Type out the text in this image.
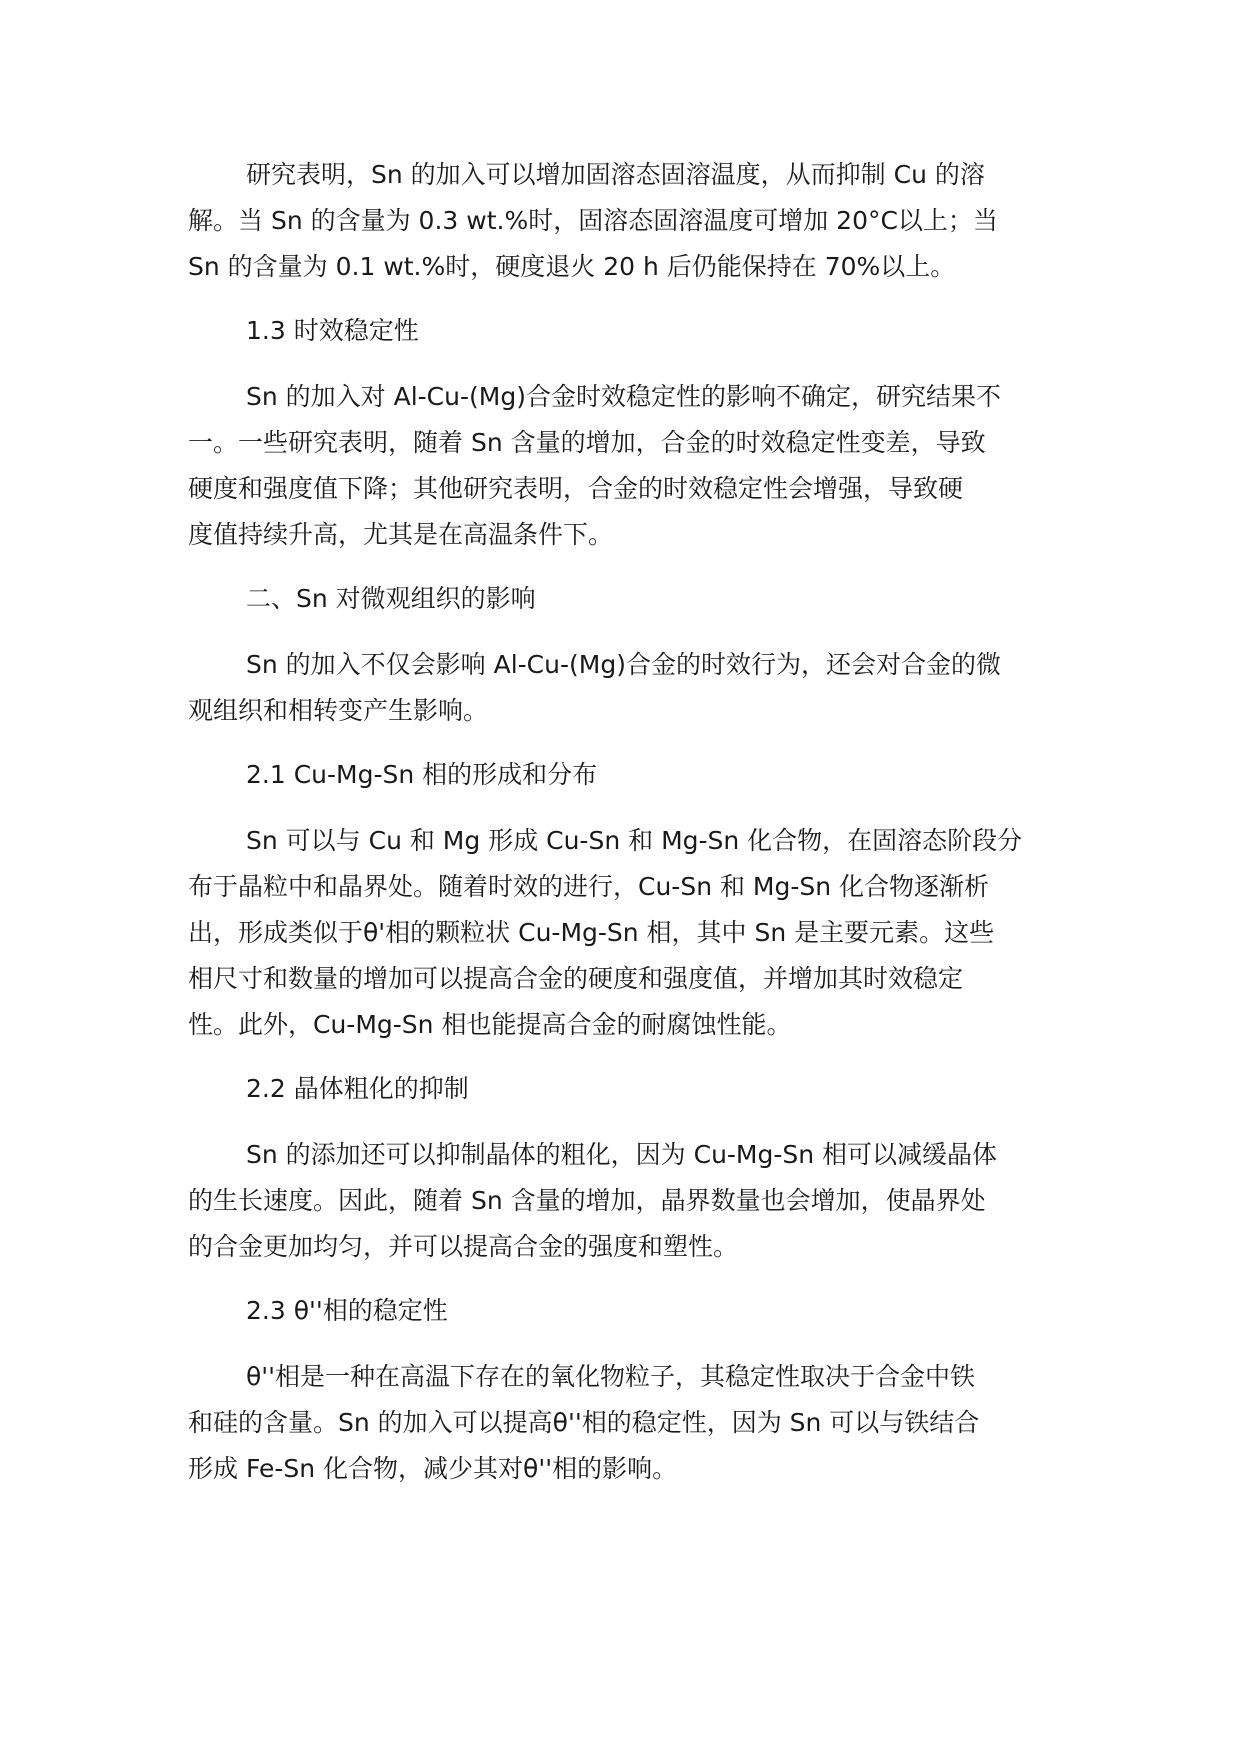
研究表明，Sn 的加入可以增加固溶态固溶温度，从而抑制 Cu 的溶
解。当 Sn 的含量为 0.3 wt.%时，固溶态固溶温度可增加 20°C以上；当
Sn 的含量为 0.1 wt.%时，硬度退火 20 h 后仍能保持在 70%以上。

1.3 时效稳定性

Sn 的加入对 Al-Cu-(Mg)合金时效稳定性的影响不确定，研究结果不
一。一些研究表明，随着 Sn 含量的增加，合金的时效稳定性变差，导致
硬度和强度值下降；其他研究表明，合金的时效稳定性会增强，导致硬
度值持续升高，尤其是在高温条件下。

二、Sn 对微观组织的影响

Sn 的加入不仅会影响 Al-Cu-(Mg)合金的时效行为，还会对合金的微
观组织和相转变产生影响。

2.1 Cu-Mg-Sn 相的形成和分布

Sn 可以与 Cu 和 Mg 形成 Cu-Sn 和 Mg-Sn 化合物，在固溶态阶段分
布于晶粒中和晶界处。随着时效的进行，Cu-Sn 和 Mg-Sn 化合物逐渐析
出，形成类似于θ'相的颗粒状 Cu-Mg-Sn 相，其中 Sn 是主要元素。这些
相尺寸和数量的增加可以提高合金的硬度和强度值，并增加其时效稳定
性。此外，Cu-Mg-Sn 相也能提高合金的耐腐蚀性能。

2.2 晶体粗化的抑制

Sn 的添加还可以抑制晶体的粗化，因为 Cu-Mg-Sn 相可以减缓晶体
的生长速度。因此，随着 Sn 含量的增加，晶界数量也会增加，使晶界处
的合金更加均匀，并可以提高合金的强度和塑性。

2.3 θ''相的稳定性

θ''相是一种在高温下存在的氧化物粒子，其稳定性取决于合金中铁
和硅的含量。Sn 的加入可以提高θ''相的稳定性，因为 Sn 可以与铁结合
形成 Fe-Sn 化合物，减少其对θ''相的影响。
